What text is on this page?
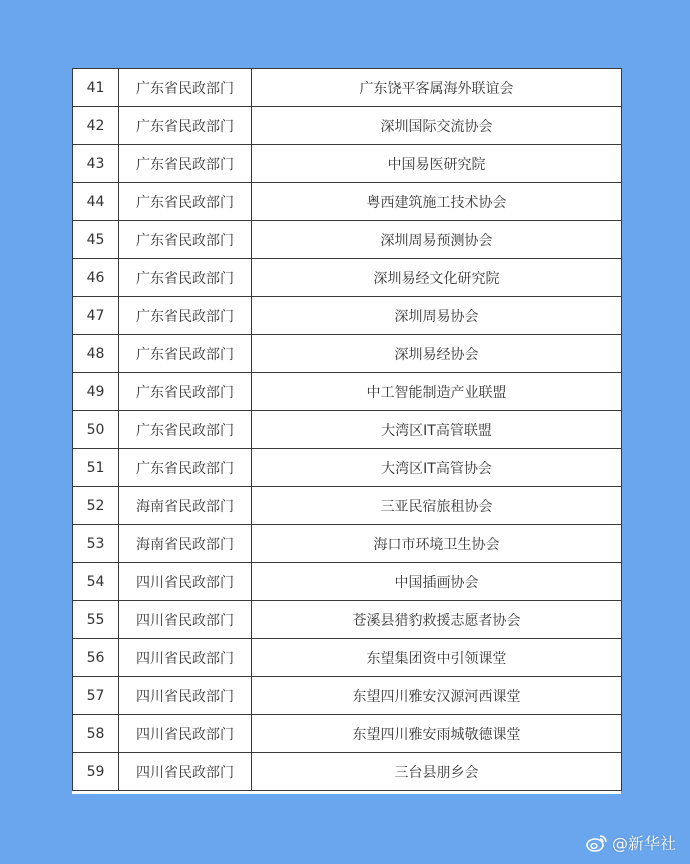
41	广东省民政部门	广东饶平客属海外联谊会
42	广东省民政部门	深圳国际交流协会
43	广东省民政部门	中国易医研究院
44	广东省民政部门	粤西建筑施工技术协会
45	广东省民政部门	深圳周易预测协会
46	广东省民政部门	深圳易经文化研究院
47	广东省民政部门	深圳周易协会
48	广东省民政部门	深圳易经协会
49	广东省民政部门	中工智能制造产业联盟
50	广东省民政部门	大湾区IT高管联盟
51	广东省民政部门	大湾区IT高管协会
52	海南省民政部门	三亚民宿旅租协会
53	海南省民政部门	海口市环境卫生协会
54	四川省民政部门	中国插画协会
55	四川省民政部门	苍溪县猎豹救援志愿者协会
56	四川省民政部门	东望集团资中引领课堂
57	四川省民政部门	东望四川雅安汉源河西课堂
58	四川省民政部门	东望四川雅安雨城敬德课堂
59	四川省民政部门	三台县朋乡会
@新华社
